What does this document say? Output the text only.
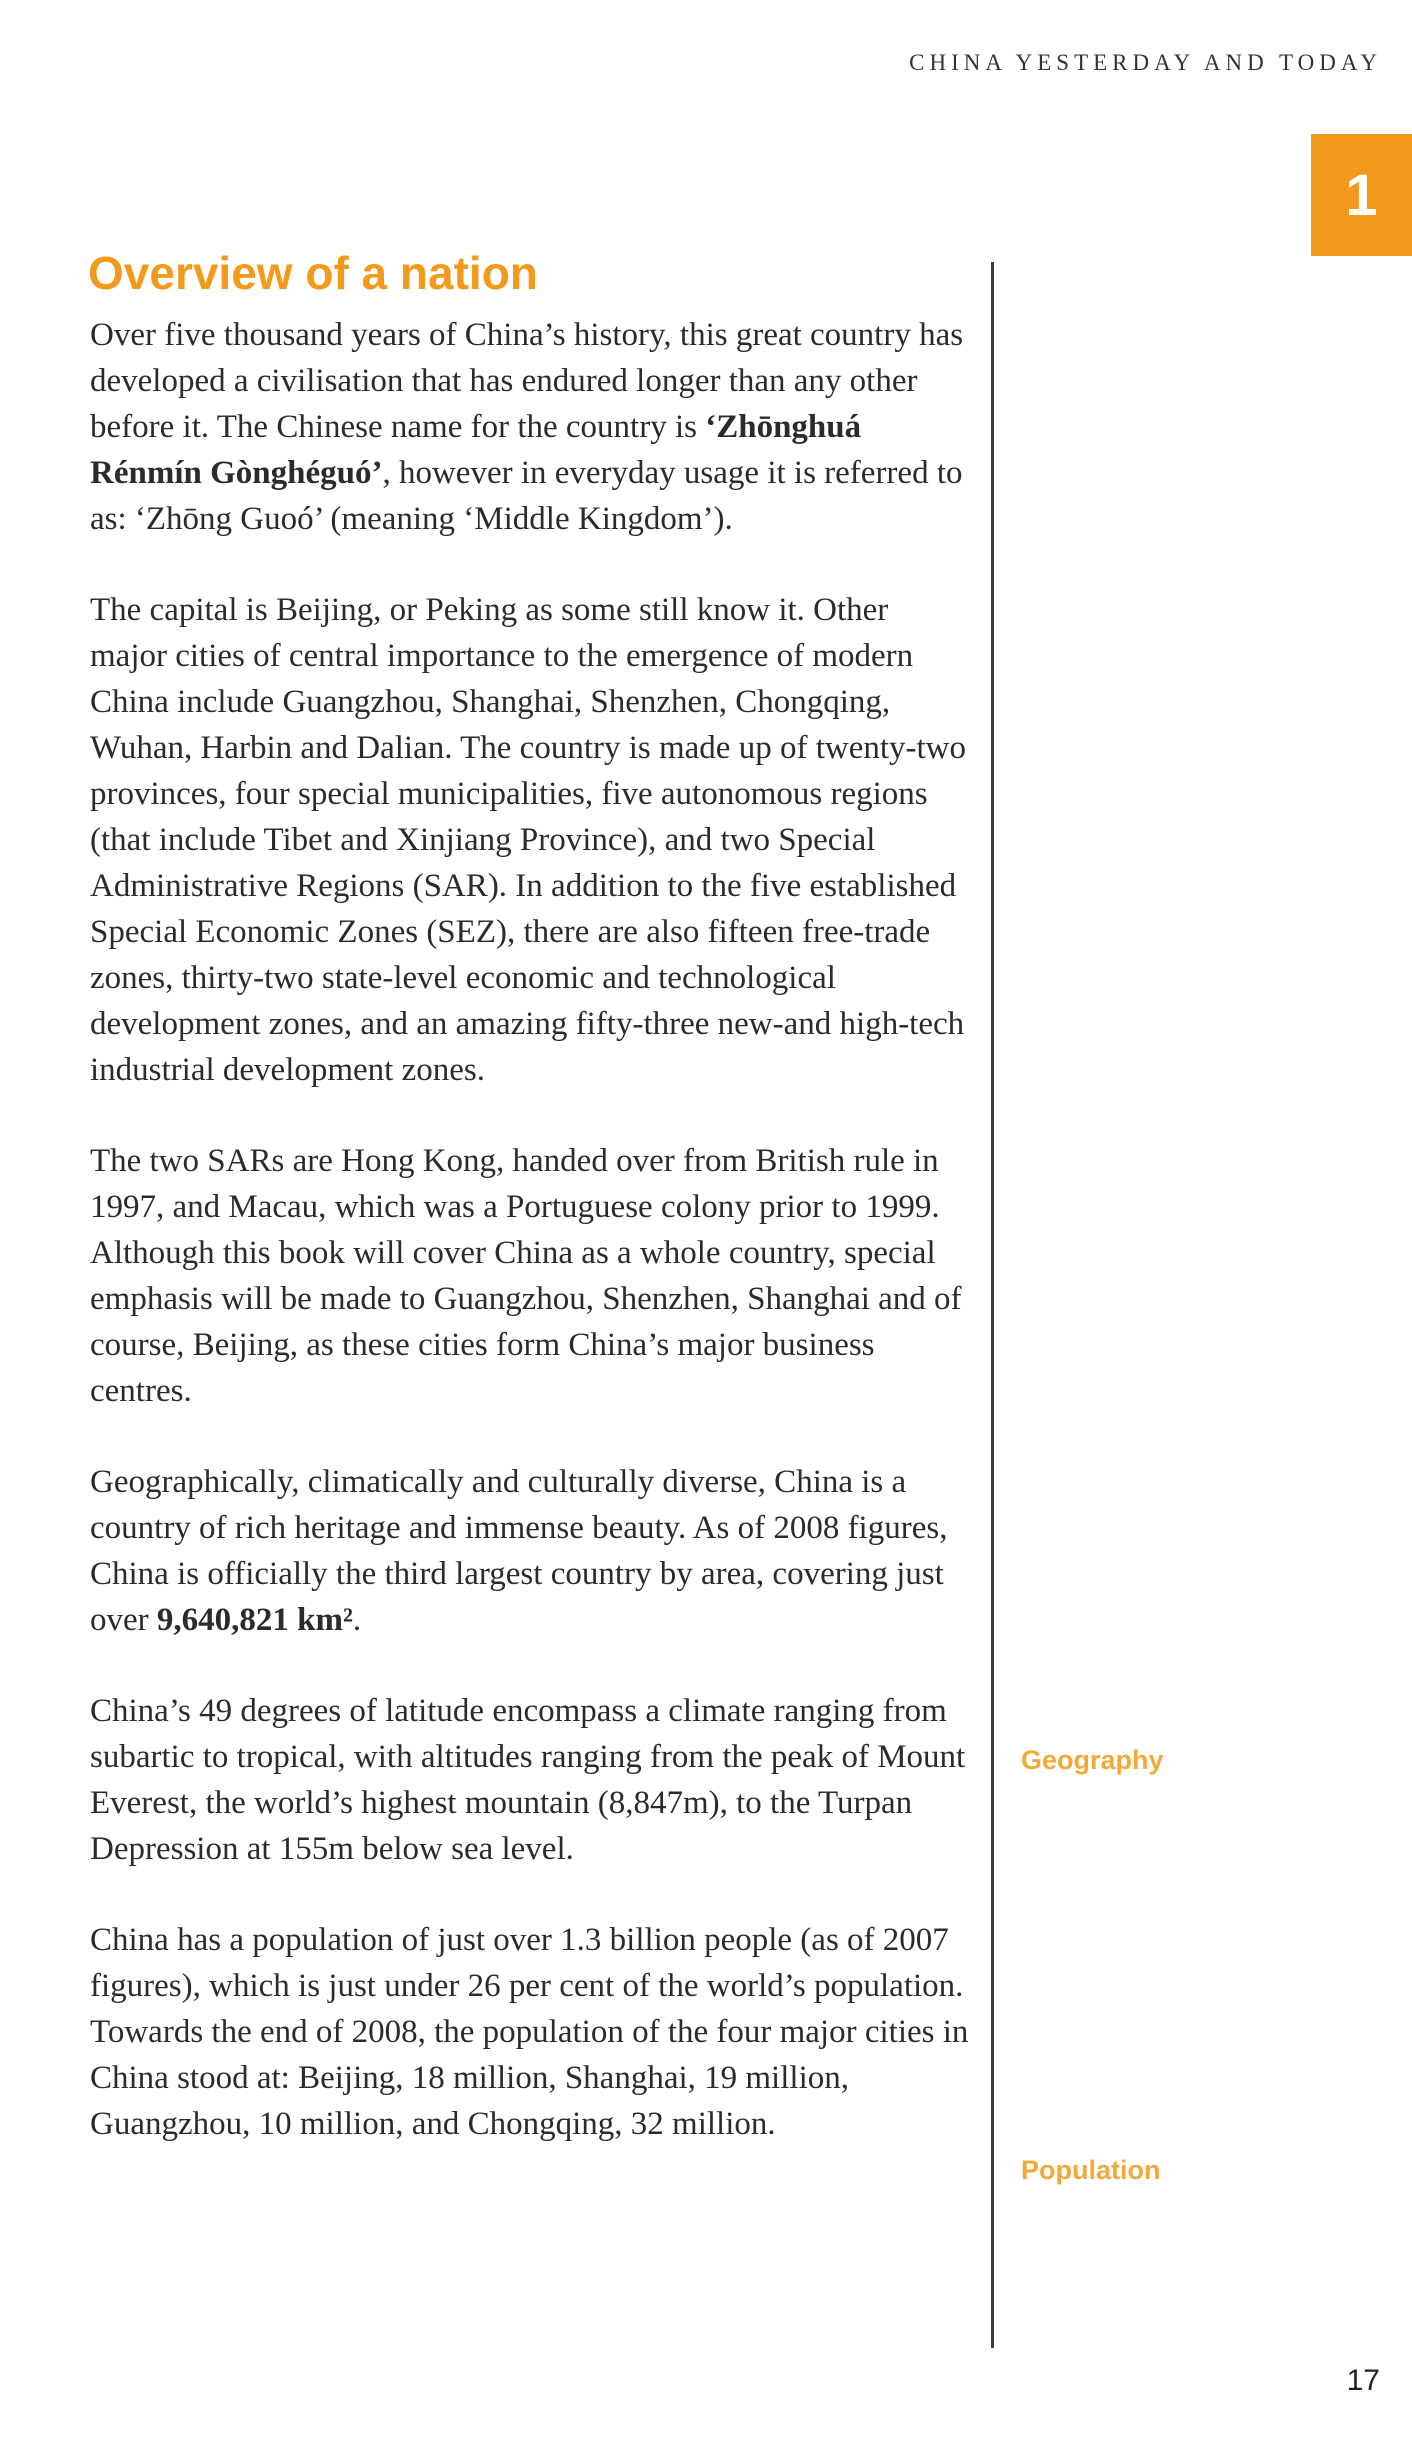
CHINA YESTERDAY AND TODAY
1
Overview of a nation

Over five thousand years of China’s history, this great country has developed a civilisation that has endured longer than any other before it. The Chinese name for the country is ‘Zhōnghuá Rénmín Gònghéguó’, however in everyday usage it is referred to as: ‘Zhōng Guoó’ (meaning ‘Middle Kingdom’).

The capital is Beijing, or Peking as some still know it. Other major cities of central importance to the emergence of modern China include Guangzhou, Shanghai, Shenzhen, Chongqing, Wuhan, Harbin and Dalian. The country is made up of twenty-two provinces, four special municipalities, five autonomous regions (that include Tibet and Xinjiang Province), and two Special Administrative Regions (SAR). In addition to the five established Special Economic Zones (SEZ), there are also fifteen free-trade zones, thirty-two state-level economic and technological development zones, and an amazing fifty-three new-and high-tech industrial development zones.

The two SARs are Hong Kong, handed over from British rule in 1997, and Macau, which was a Portuguese colony prior to 1999. Although this book will cover China as a whole country, special emphasis will be made to Guangzhou, Shenzhen, Shanghai and of course, Beijing, as these cities form China’s major business centres.

Geographically, climatically and culturally diverse, China is a country of rich heritage and immense beauty. As of 2008 figures, China is officially the third largest country by area, covering just over 9,640,821 km².

China’s 49 degrees of latitude encompass a climate ranging from subartic to tropical, with altitudes ranging from the peak of Mount Everest, the world’s highest mountain (8,847m), to the Turpan Depression at 155m below sea level.

China has a population of just over 1.3 billion people (as of 2007 figures), which is just under 26 per cent of the world’s population. Towards the end of 2008, the population of the four major cities in China stood at: Beijing, 18 million, Shanghai, 19 million, Guangzhou, 10 million, and Chongqing, 32 million.

Geography
Population
17
